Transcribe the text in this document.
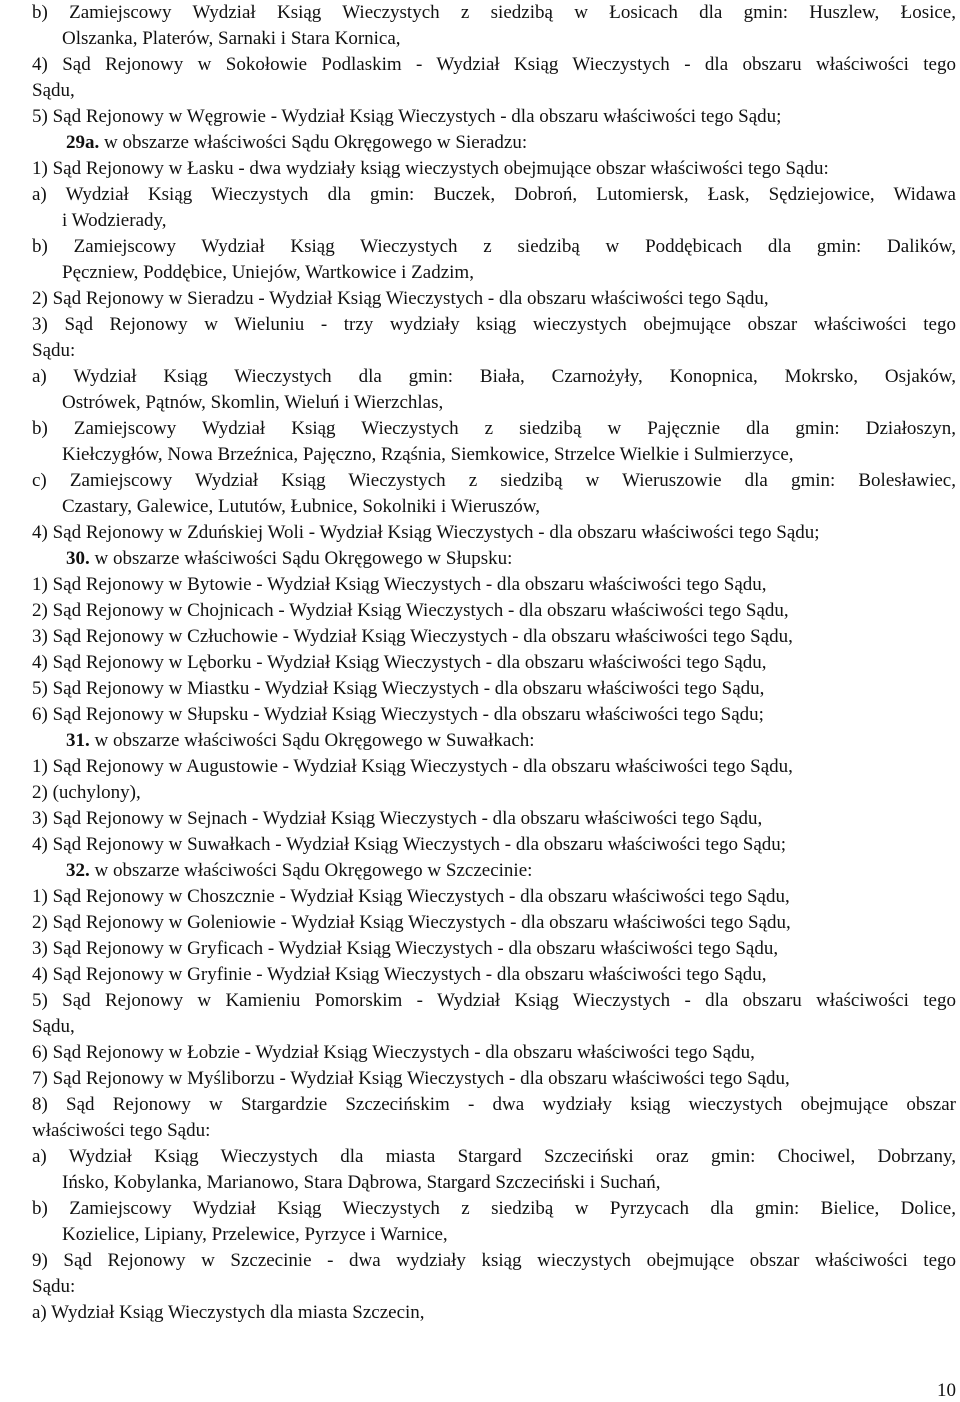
b) Zamiejscowy Wydział Ksiąg Wieczystych z siedzibą w Łosicach dla gmin: Huszlew, Łosice,
Olszanka, Platerów, Sarnaki i Stara Kornica,
4) Sąd Rejonowy w Sokołowie Podlaskim - Wydział Ksiąg Wieczystych - dla obszaru właściwości tego
Sądu,
5) Sąd Rejonowy w Węgrowie - Wydział Ksiąg Wieczystych - dla obszaru właściwości tego Sądu;
29a. w obszarze właściwości Sądu Okręgowego w Sieradzu:
1) Sąd Rejonowy w Łasku - dwa wydziały ksiąg wieczystych obejmujące obszar właściwości tego Sądu:
a) Wydział Ksiąg Wieczystych dla gmin: Buczek, Dobroń, Lutomiersk, Łask, Sędziejowice, Widawa
i Wodzierady,
b) Zamiejscowy Wydział Ksiąg Wieczystych z siedzibą w Poddębicach dla gmin: Dalików,
Pęczniew, Poddębice, Uniejów, Wartkowice i Zadzim,
2) Sąd Rejonowy w Sieradzu - Wydział Ksiąg Wieczystych - dla obszaru właściwości tego Sądu,
3) Sąd Rejonowy w Wieluniu - trzy wydziały ksiąg wieczystych obejmujące obszar właściwości tego
Sądu:
a) Wydział Ksiąg Wieczystych dla gmin: Biała, Czarnożyły, Konopnica, Mokrsko, Osjaków,
Ostrówek, Pątnów, Skomlin, Wieluń i Wierzchlas,
b) Zamiejscowy Wydział Ksiąg Wieczystych z siedzibą w Pajęcznie dla gmin: Działoszyn,
Kiełczygłów, Nowa Brzeźnica, Pajęczno, Rząśnia, Siemkowice, Strzelce Wielkie i Sulmierzyce,
c) Zamiejscowy Wydział Ksiąg Wieczystych z siedzibą w Wieruszowie dla gmin: Bolesławiec,
Czastary, Galewice, Lututów, Łubnice, Sokolniki i Wieruszów,
4) Sąd Rejonowy w Zduńskiej Woli - Wydział Ksiąg Wieczystych - dla obszaru właściwości tego Sądu;
30. w obszarze właściwości Sądu Okręgowego w Słupsku:
1) Sąd Rejonowy w Bytowie - Wydział Ksiąg Wieczystych - dla obszaru właściwości tego Sądu,
2) Sąd Rejonowy w Chojnicach - Wydział Ksiąg Wieczystych - dla obszaru właściwości tego Sądu,
3) Sąd Rejonowy w Człuchowie - Wydział Ksiąg Wieczystych - dla obszaru właściwości tego Sądu,
4) Sąd Rejonowy w Lęborku - Wydział Ksiąg Wieczystych - dla obszaru właściwości tego Sądu,
5) Sąd Rejonowy w Miastku - Wydział Ksiąg Wieczystych - dla obszaru właściwości tego Sądu,
6) Sąd Rejonowy w Słupsku - Wydział Ksiąg Wieczystych - dla obszaru właściwości tego Sądu;
31. w obszarze właściwości Sądu Okręgowego w Suwałkach:
1) Sąd Rejonowy w Augustowie - Wydział Ksiąg Wieczystych - dla obszaru właściwości tego Sądu,
2) (uchylony),
3) Sąd Rejonowy w Sejnach - Wydział Ksiąg Wieczystych - dla obszaru właściwości tego Sądu,
4) Sąd Rejonowy w Suwałkach - Wydział Ksiąg Wieczystych - dla obszaru właściwości tego Sądu;
32. w obszarze właściwości Sądu Okręgowego w Szczecinie:
1) Sąd Rejonowy w Choszcznie - Wydział Ksiąg Wieczystych - dla obszaru właściwości tego Sądu,
2) Sąd Rejonowy w Goleniowie - Wydział Ksiąg Wieczystych - dla obszaru właściwości tego Sądu,
3) Sąd Rejonowy w Gryficach - Wydział Ksiąg Wieczystych - dla obszaru właściwości tego Sądu,
4) Sąd Rejonowy w Gryfinie - Wydział Ksiąg Wieczystych - dla obszaru właściwości tego Sądu,
5) Sąd Rejonowy w Kamieniu Pomorskim - Wydział Ksiąg Wieczystych - dla obszaru właściwości tego
Sądu,
6) Sąd Rejonowy w Łobzie - Wydział Ksiąg Wieczystych - dla obszaru właściwości tego Sądu,
7) Sąd Rejonowy w Myśliborzu - Wydział Ksiąg Wieczystych - dla obszaru właściwości tego Sądu,
8) Sąd Rejonowy w Stargardzie Szczecińskim - dwa wydziały ksiąg wieczystych obejmujące obszar
właściwości tego Sądu:
a) Wydział Ksiąg Wieczystych dla miasta Stargard Szczeciński oraz gmin: Chociwel, Dobrzany,
Ińsko, Kobylanka, Marianowo, Stara Dąbrowa, Stargard Szczeciński i Suchań,
b) Zamiejscowy Wydział Ksiąg Wieczystych z siedzibą w Pyrzycach dla gmin: Bielice, Dolice,
Kozielice, Lipiany, Przelewice, Pyrzyce i Warnice,
9) Sąd Rejonowy w Szczecinie - dwa wydziały ksiąg wieczystych obejmujące obszar właściwości tego
Sądu:
a) Wydział Ksiąg Wieczystych dla miasta Szczecin,
10
